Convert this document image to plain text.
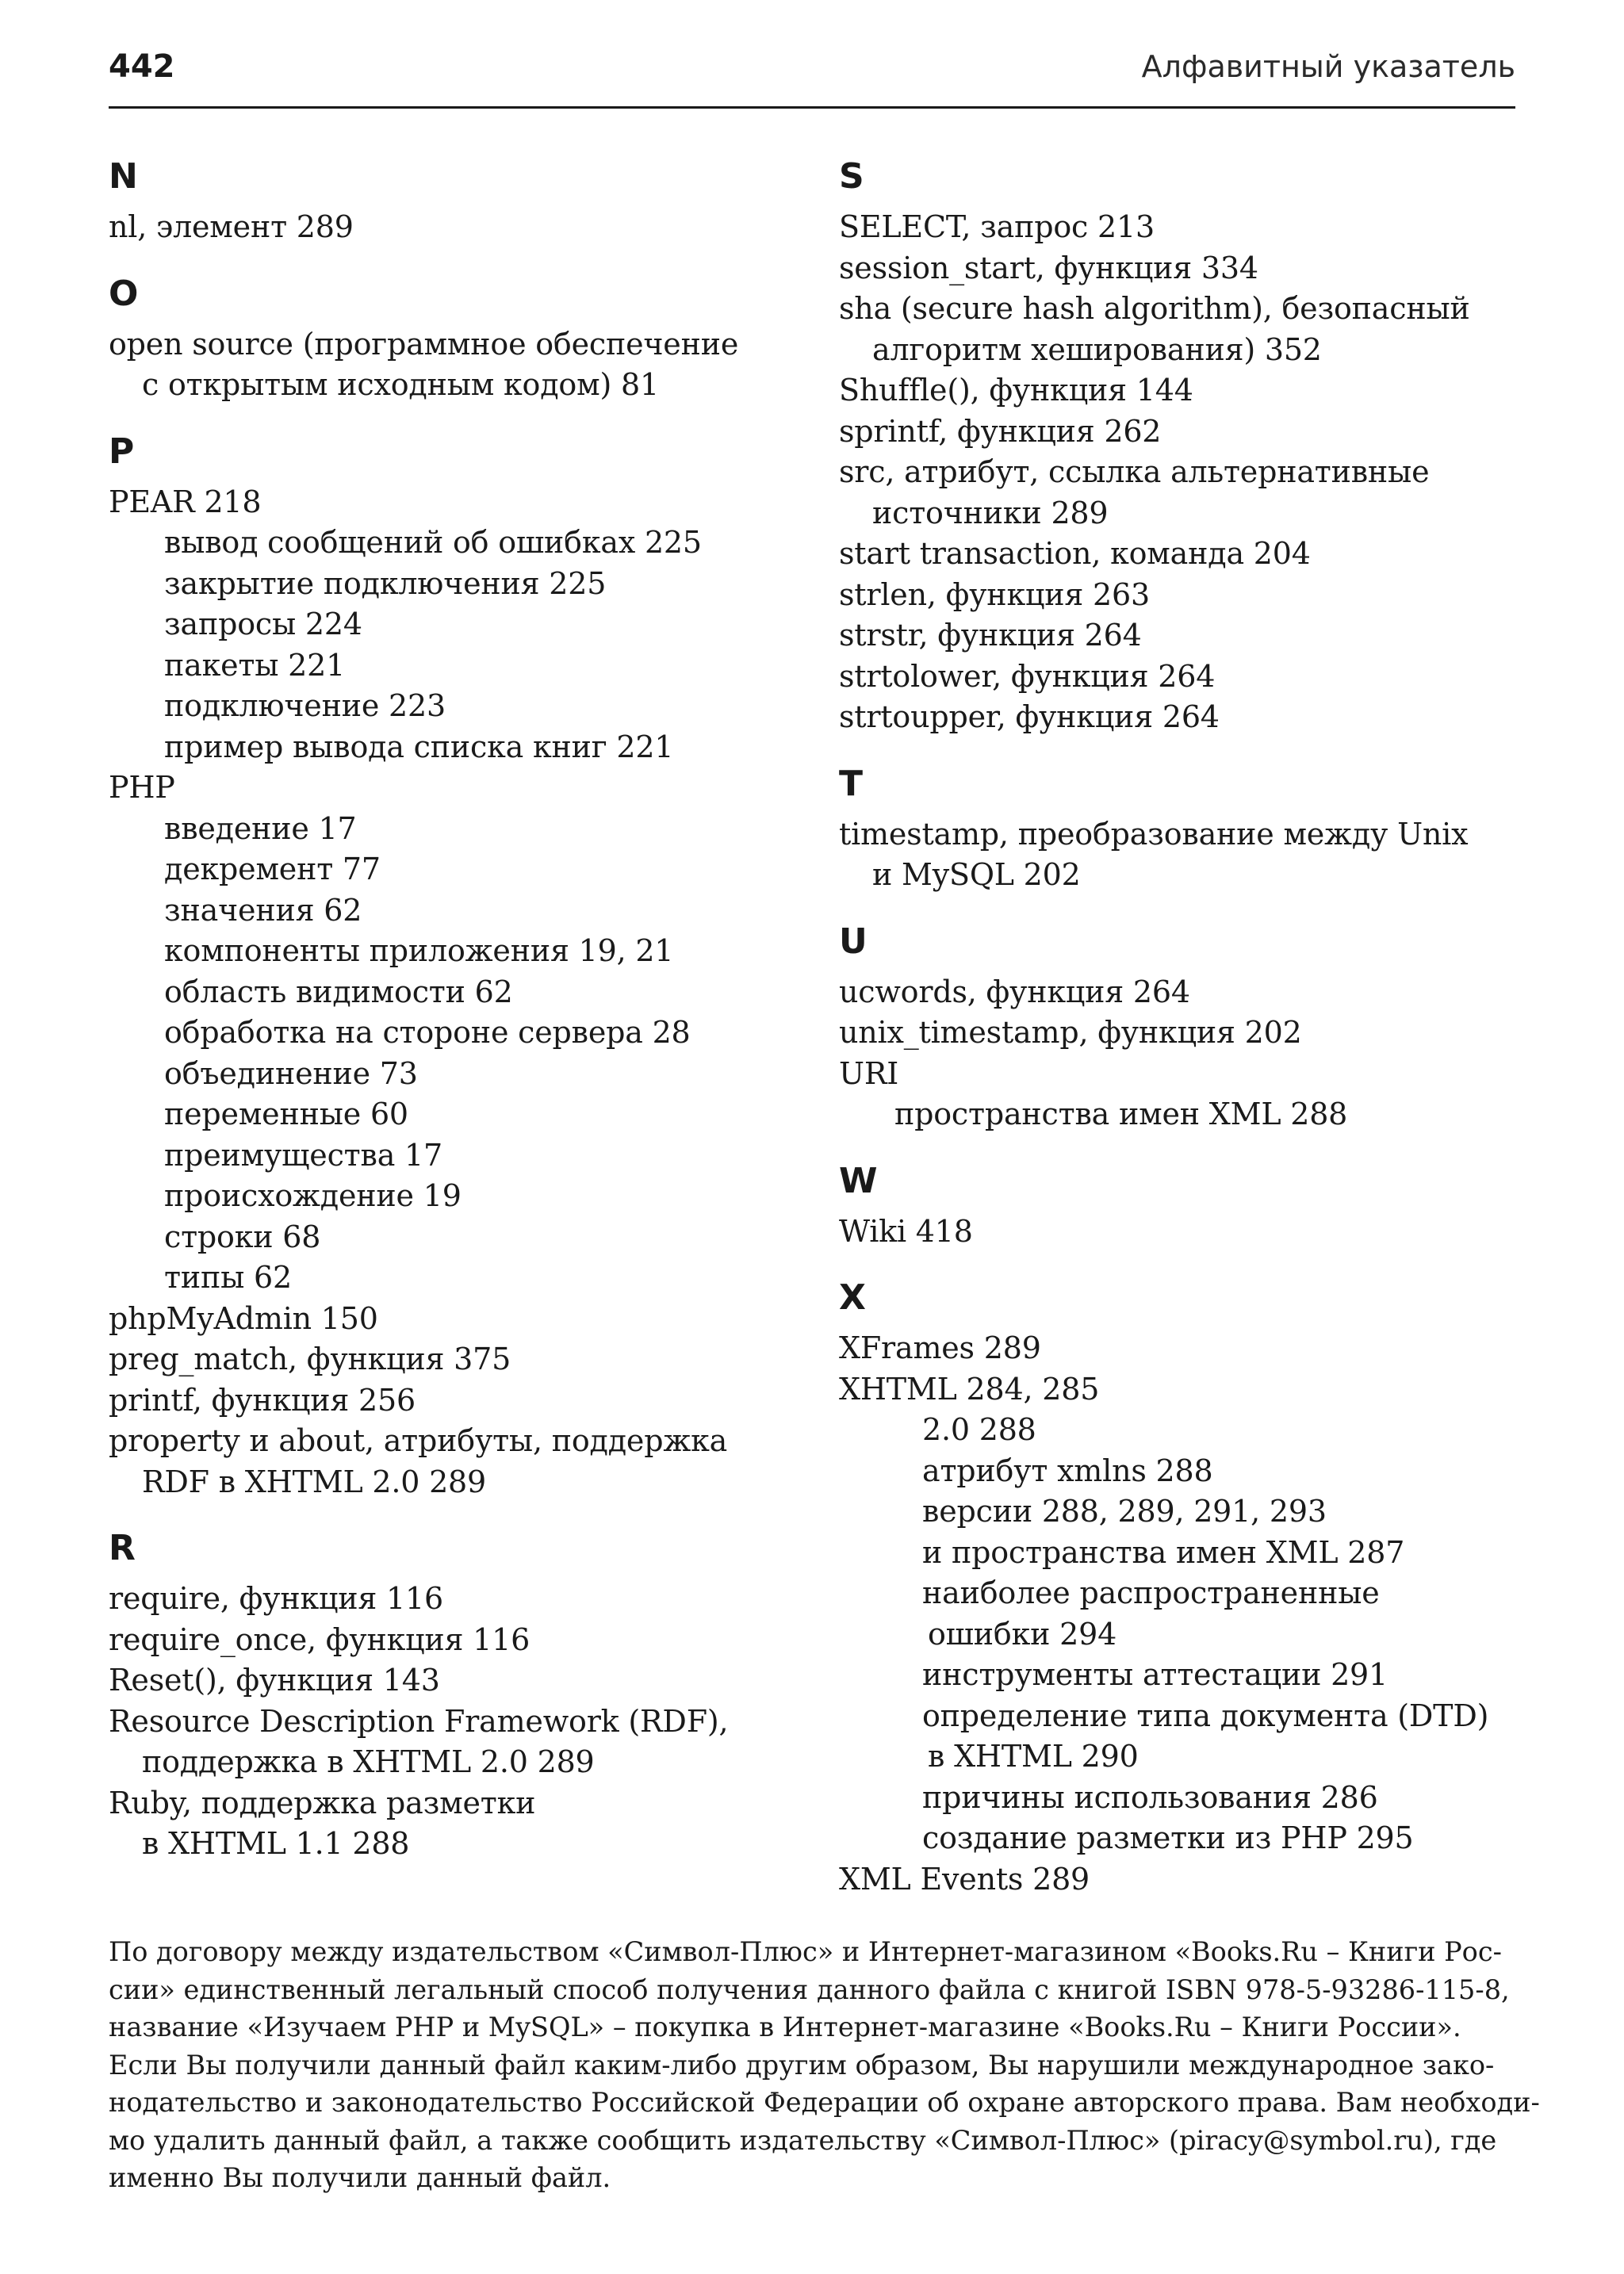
442	Алфавитный указатель
N
nl, элемент 289
O
open source (программное обеспечение
с открытым исходным кодом) 81
P
PEAR 218
вывод сообщений об ошибках 225
закрытие подключения 225
запросы 224
пакеты 221
подключение 223
пример вывода списка книг 221
PHP
введение 17
декремент 77
значения 62
компоненты приложения 19, 21
область видимости 62
обработка на стороне сервера 28
объединение 73
переменные 60
преимущества 17
происхождение 19
строки 68
типы 62
phpMyAdmin 150
preg_match, функция 375
printf, функция 256
property и about, атрибуты, поддержка
RDF в XHTML 2.0 289
R
require, функция 116
require_once, функция 116
Reset(), функция 143
Resource Description Framework (RDF),
поддержка в XHTML 2.0 289
Ruby, поддержка разметки
в XHTML 1.1 288
S
SELECT, запрос 213
session_start, функция 334
sha (secure hash algorithm), безопасный
алгоритм хеширования) 352
Shuffle(), функция 144
sprintf, функция 262
src, атрибут, ссылка альтернативные
источники 289
start transaction, команда 204
strlen, функция 263
strstr, функция 264
strtolower, функция 264
strtoupper, функция 264
T
timestamp, преобразование между Unix
и MySQL 202
U
ucwords, функция 264
unix_timestamp, функция 202
URI
пространства имен XML 288
W
Wiki 418
X
XFrames 289
XHTML 284, 285
2.0 288
атрибут xmlns 288
версии 288, 289, 291, 293
и пространства имен XML 287
наиболее распространенные
ошибки 294
инструменты аттестации 291
определение типа документа (DTD)
в XHTML 290
причины использования 286
создание разметки из PHP 295
XML Events 289
По договору между издательством «Символ-Плюс» и Интернет-магазином «Books.Ru – Книги Рос-
сии» единственный легальный способ получения данного файла с книгой ISBN 978-5-93286-115-8,
название «Изучаем PHP и MySQL» – покупка в Интернет-магазине «Books.Ru – Книги России».
Если Вы получили данный файл каким-либо другим образом, Вы нарушили международное зако-
нодательство и законодательство Российской Федерации об охране авторского права. Вам необходи-
мо удалить данный файл, а также сообщить издательству «Символ-Плюс» (piracy@symbol.ru), где
именно Вы получили данный файл.
